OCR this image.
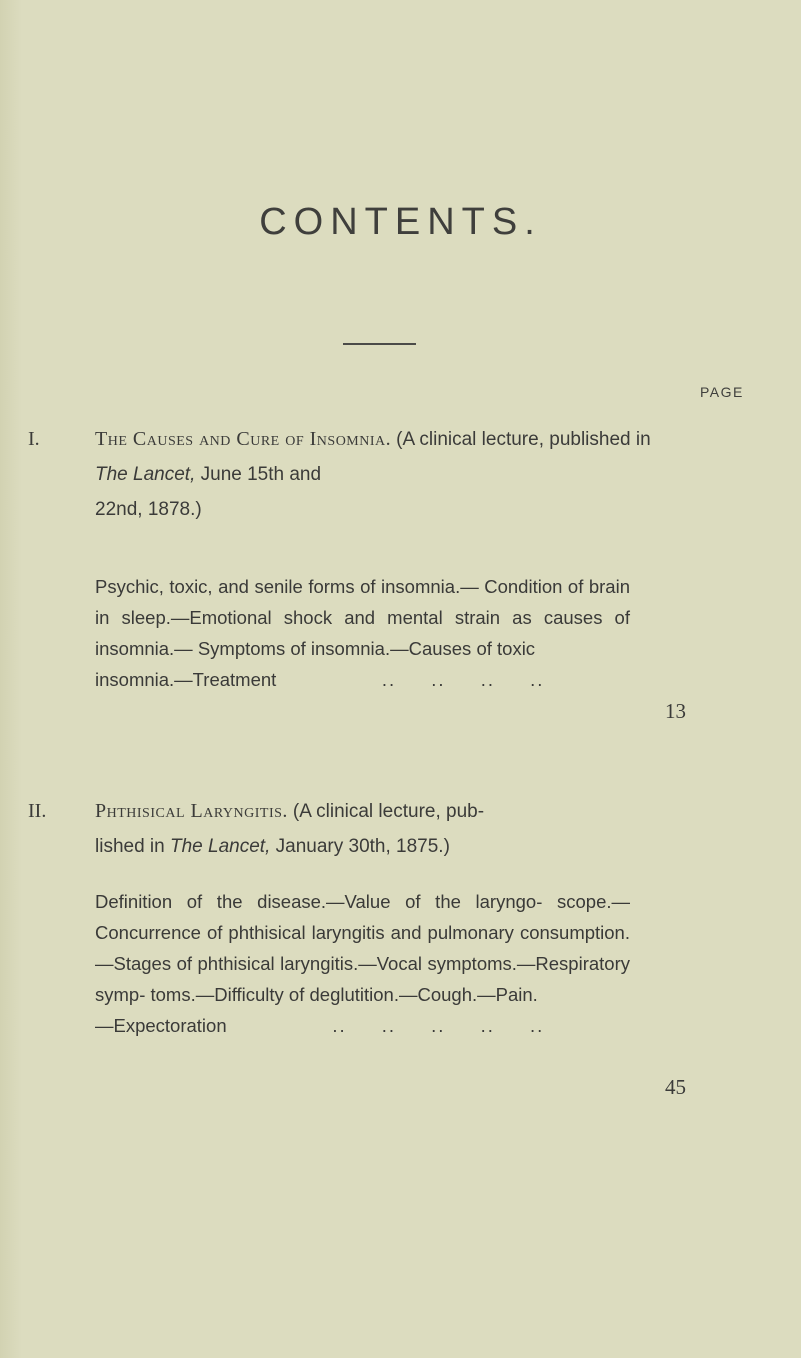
CONTENTS.
PAGE
I.	The Causes and Cure of Insomnia. (A clinical lecture, published in The Lancet, June 15th and
22nd, 1878.)
Psychic, toxic, and senile forms of insomnia.— Condition of brain in sleep.—Emotional shock and mental strain as causes of insomnia.— Symptoms of insomnia.—Causes of toxic
insomnia.—Treatment	.. .. .. ..
13
II.	Phthisical Laryngitis. (A clinical lecture, pub-
lished in The Lancet, January 30th, 1875.)
Definition of the disease.—Value of the laryngo- scope.—Concurrence of phthisical laryngitis and pulmonary consumption.—Stages of phthisical laryngitis.—Vocal symptoms.—Respiratory symp- toms.—Difficulty of deglutition.—Cough.—Pain.
—Expectoration	.. .. .. .. ..
45
